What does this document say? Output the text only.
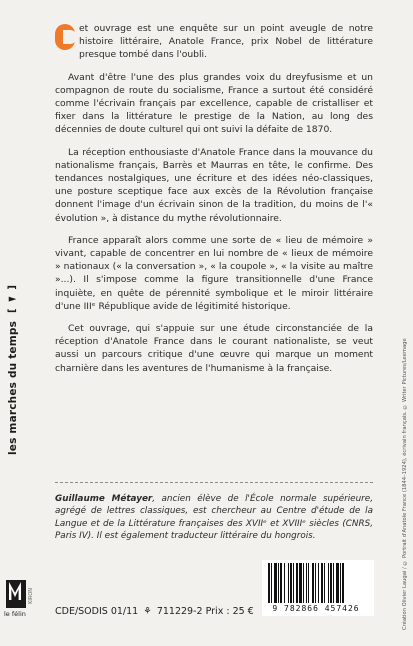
les marches du temps [ ◄ ]
KIRON
le félin	Création Olivier Laugai / © Portrait d'Anatole France (1844–1924), écrivain français. © Writer Pictures/Leemage

et ouvrage est une enquête sur un point aveugle de notre histoire littéraire, Anatole France, prix Nobel de littérature presque tombé dans l'oubli.

Avant d'être l'une des plus grandes voix du dreyfusisme et un compagnon de route du socialisme, France a surtout été considéré comme l'écrivain français par excellence, capable de cristalliser et fixer dans la littérature le prestige de la Nation, au long des décennies de doute culturel qui ont suivi la défaite de 1870.

La réception enthousiaste d'Anatole France dans la mouvance du nationalisme français, Barrès et Maurras en tête, le confirme. Des tendances nostalgiques, une écriture et des idées néo-classiques, une posture sceptique face aux excès de la Révolution française donnent l'image d'un écrivain sinon de la tradition, du moins de l'« évolution », à distance du mythe révolutionnaire.

France apparaît alors comme une sorte de « lieu de mémoire » vivant, capable de concentrer en lui nombre de « lieux de mémoire » nationaux (« la conversation », « la coupole », « la visite au maître »...). Il s'impose comme la figure transitionnelle d'une France inquiète, en quête de pérennité symbolique et le miroir littéraire d'une IIIᵉ République avide de légitimité historique.

Cet ouvrage, qui s'appuie sur une étude circonstanciée de la réception d'Anatole France dans le courant nationaliste, se veut aussi un parcours critique d'une œuvre qui marque un moment charnière dans les aventures de l'humanisme à la française.

Guillaume Métayer, ancien élève de l'École normale supérieure, agrégé de lettres classiques, est chercheur au Centre d'étude de la Langue et de la Littérature françaises des XVIIᵉ et XVIIIᵉ siècles (CNRS, Paris IV). Il est également traducteur littéraire du hongrois.
CDE/SODIS 01/11 ⚘ 711229-2 Prix : 25 €	9 782866 457426
